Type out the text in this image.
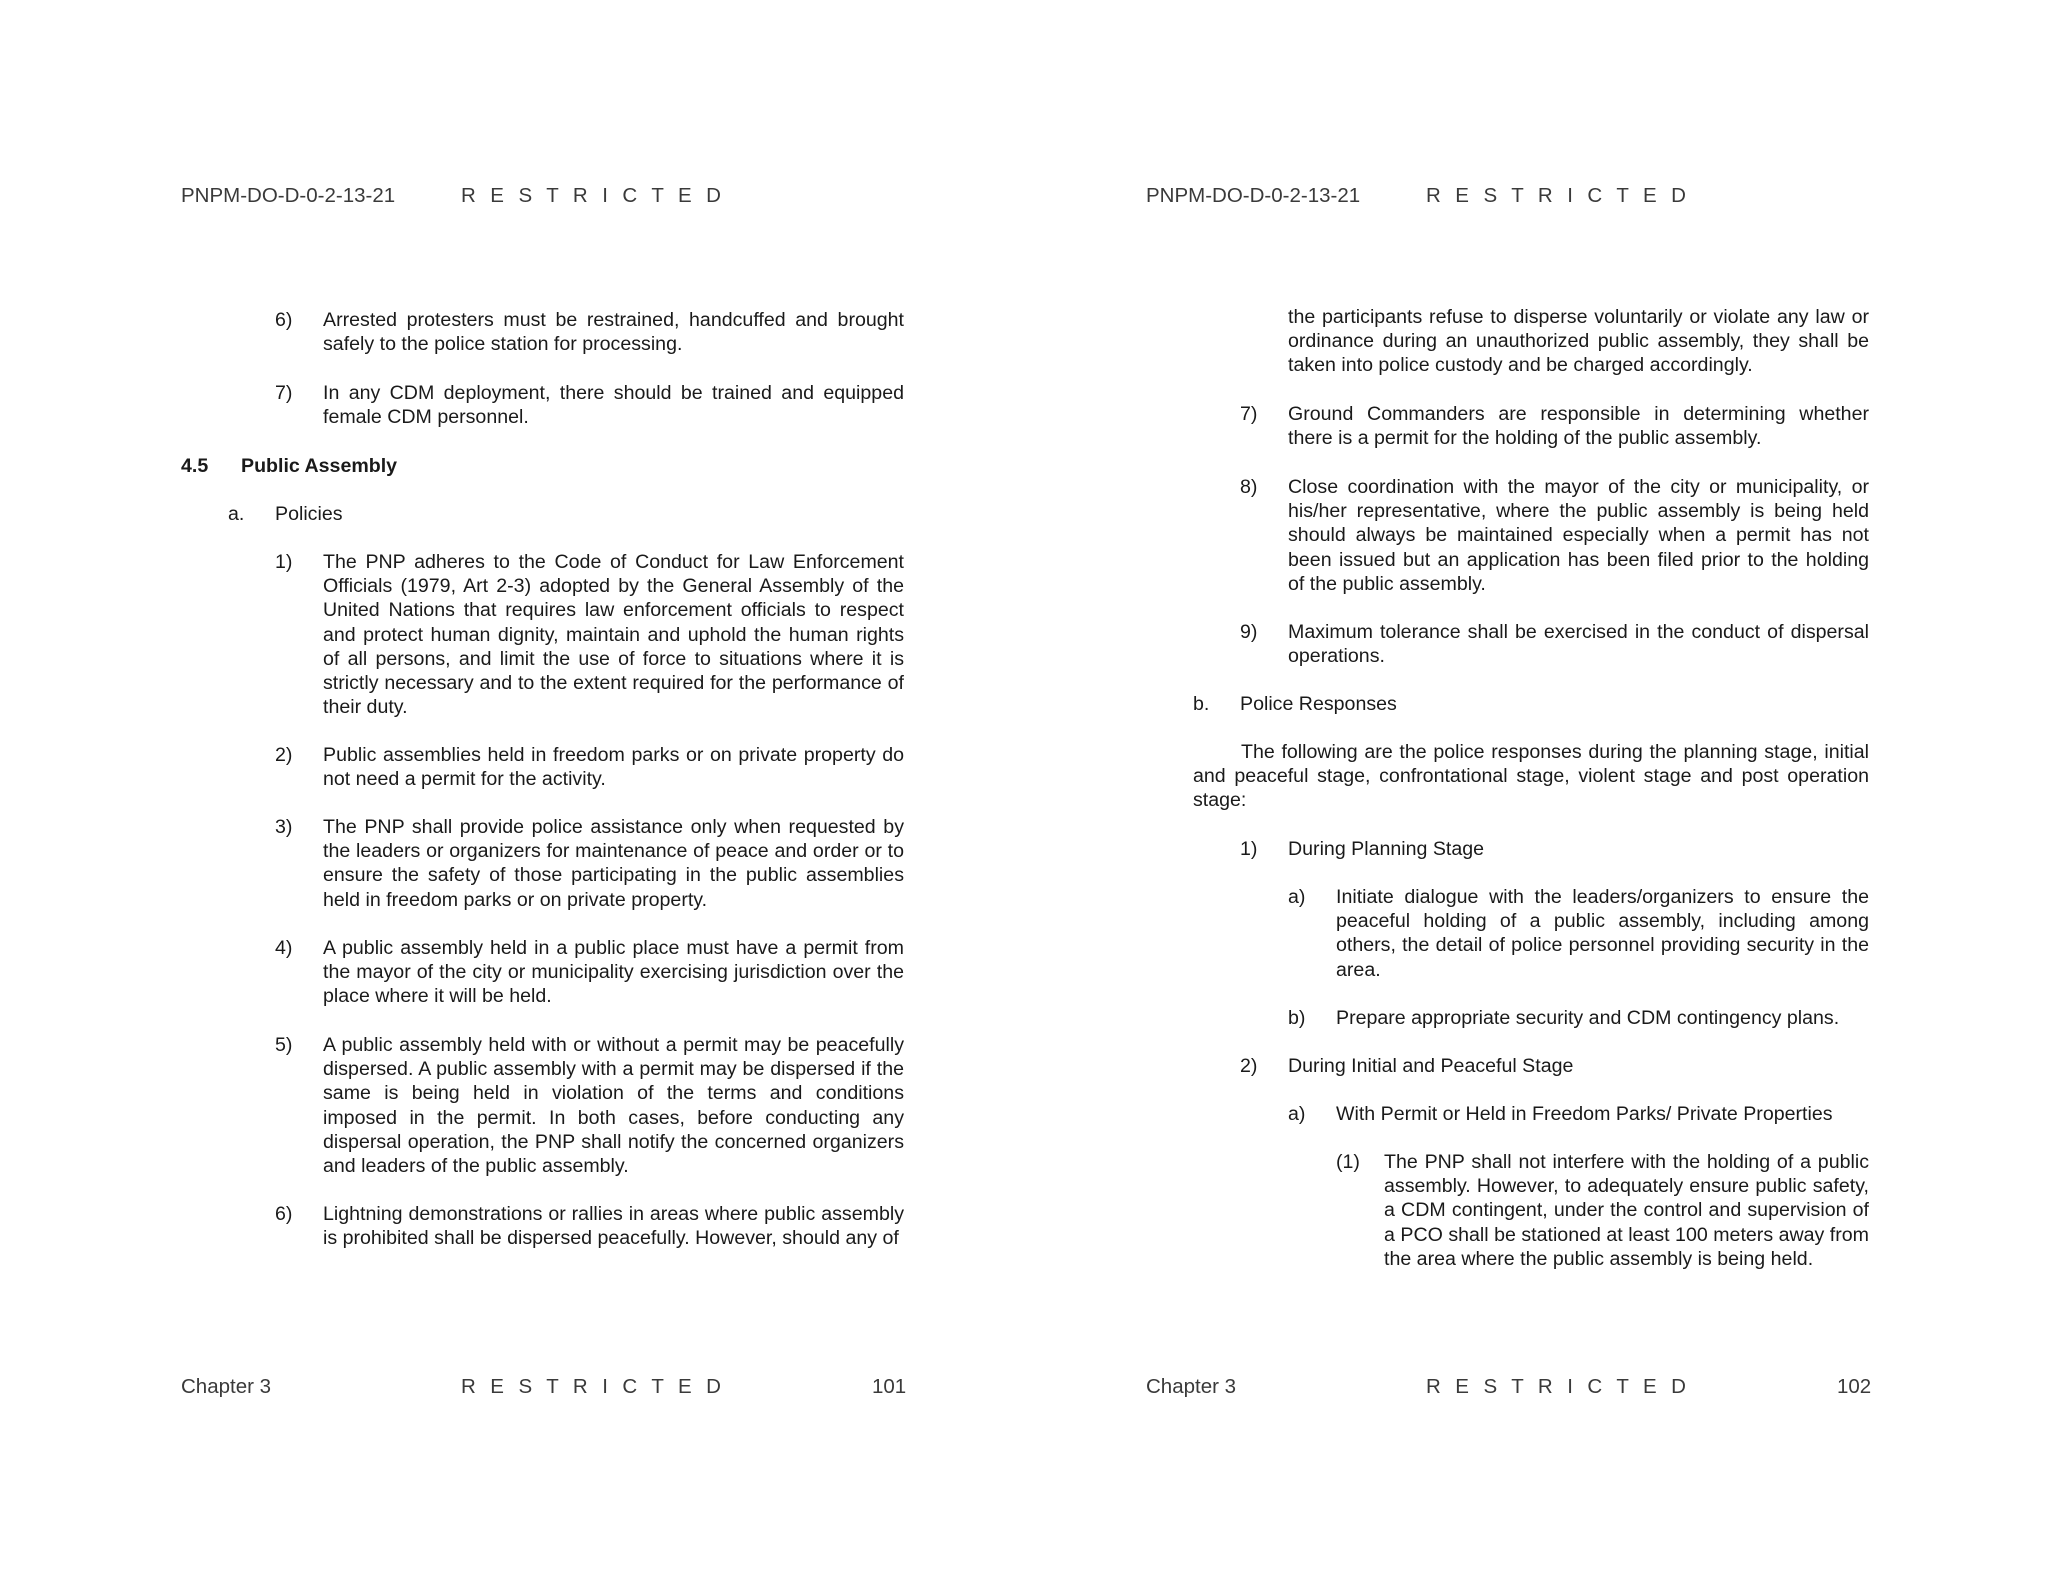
PNPM-DO-D-0-2-13-21	R E S T R I C T E D
6) Arrested protesters must be restrained, handcuffed and brought safely to the police station for processing.

7) In any CDM deployment, there should be trained and equipped female CDM personnel.

4.5 Public Assembly
a. Policies
1) The PNP adheres to the Code of Conduct for Law Enforcement Officials (1979, Art 2-3) adopted by the General Assembly of the United Nations that requires law enforcement officials to respect and protect human dignity, maintain and uphold the human rights of all persons, and limit the use of force to situations where it is strictly necessary and to the extent required for the performance of their duty.

2) Public assemblies held in freedom parks or on private property do not need a permit for the activity.

3) The PNP shall provide police assistance only when requested by the leaders or organizers for maintenance of peace and order or to ensure the safety of those participating in the public assemblies held in freedom parks or on private property.

4) A public assembly held in a public place must have a permit from the mayor of the city or municipality exercising jurisdiction over the place where it will be held.

5) A public assembly held with or without a permit may be peacefully dispersed. A public assembly with a permit may be dispersed if the same is being held in violation of the terms and conditions imposed in the permit. In both cases, before conducting any dispersal operation, the PNP shall notify the concerned organizers and leaders of the public assembly.

6) Lightning demonstrations or rallies in areas where public assembly is prohibited shall be dispersed peacefully. However, should any of

Chapter 3	R E S T R I C T E D	101
PNPM-DO-D-0-2-13-21	R E S T R I C T E D

the participants refuse to disperse voluntarily or violate any law or ordinance during an unauthorized public assembly, they shall be taken into police custody and be charged accordingly.

7) Ground Commanders are responsible in determining whether there is a permit for the holding of the public assembly.

8) Close coordination with the mayor of the city or municipality, or his/her representative, where the public assembly is being held should always be maintained especially when a permit has not been issued but an application has been filed prior to the holding of the public assembly.

9) Maximum tolerance shall be exercised in the conduct of dispersal operations.

b. Police Responses

The following are the police responses during the planning stage, initial and peaceful stage, confrontational stage, violent stage and post operation stage:

1) During Planning Stage
a) Initiate dialogue with the leaders/organizers to ensure the peaceful holding of a public assembly, including among others, the detail of police personnel providing security in the area.

b) Prepare appropriate security and CDM contingency plans.

2) During Initial and Peaceful Stage
a) With Permit or Held in Freedom Parks/ Private Properties
(1) The PNP shall not interfere with the holding of a public assembly. However, to adequately ensure public safety, a CDM contingent, under the control and supervision of a PCO shall be stationed at least 100 meters away from the area where the public assembly is being held.

Chapter 3	R E S T R I C T E D	102
